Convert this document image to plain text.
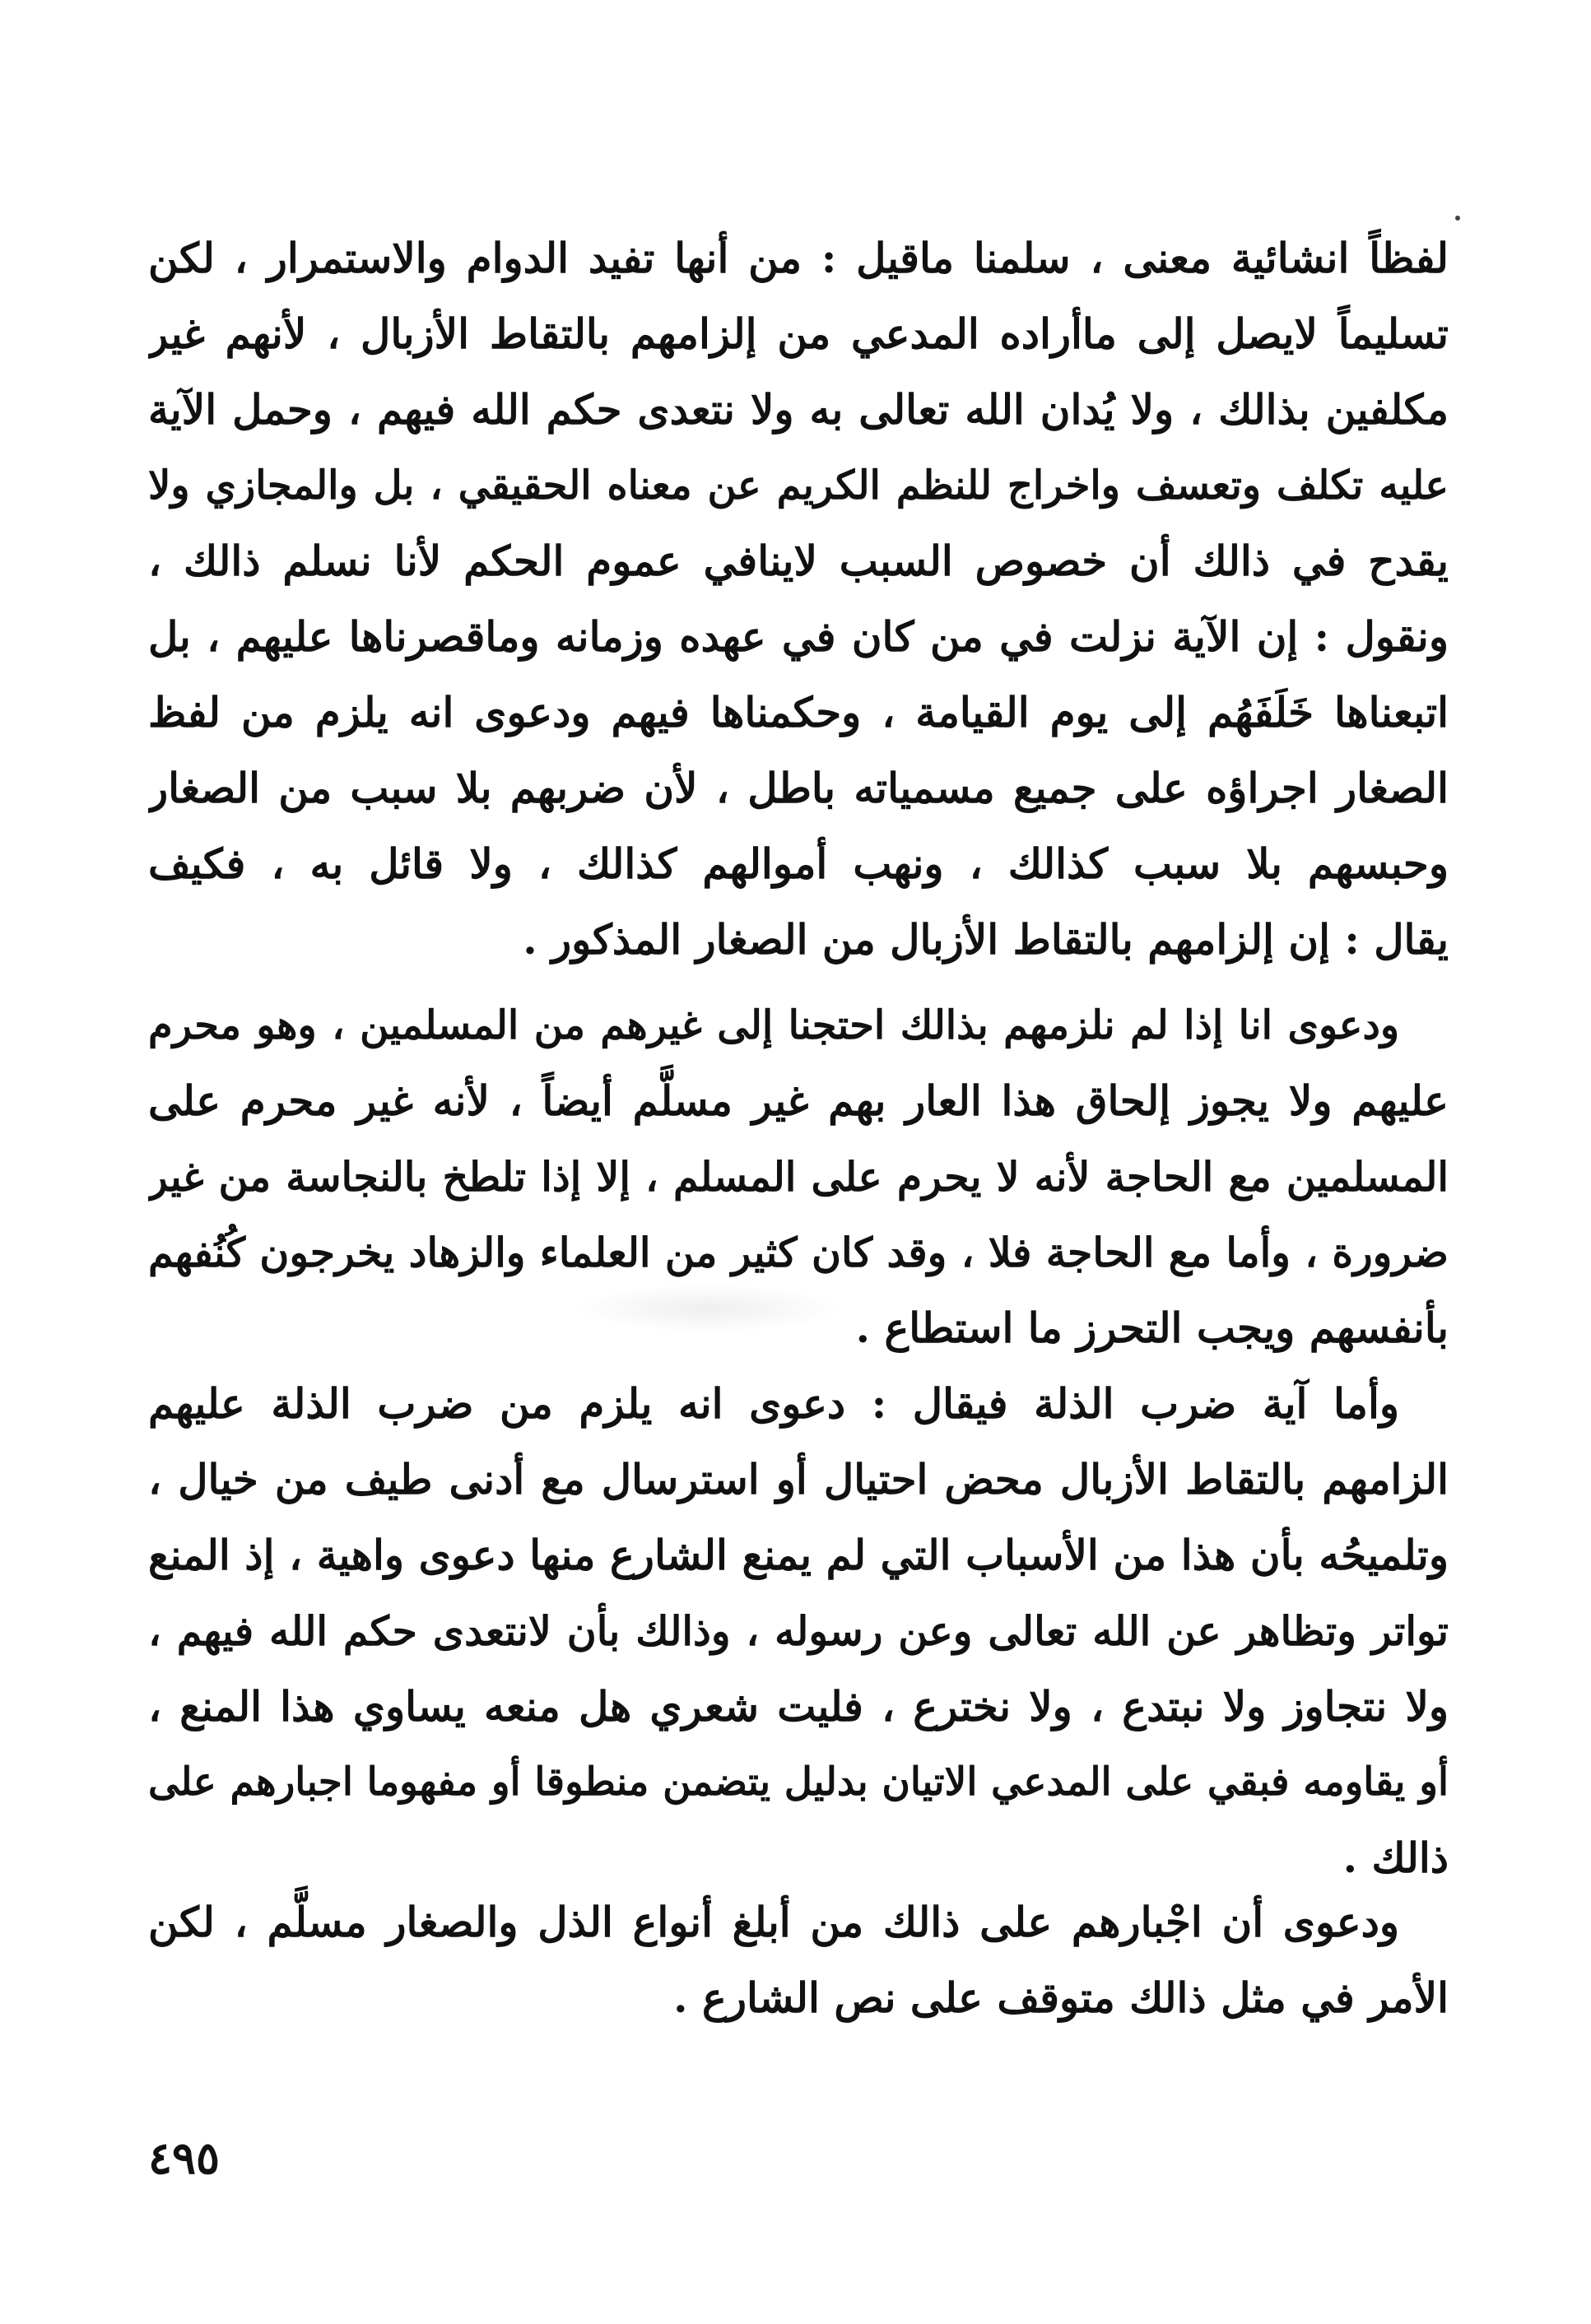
لفظاً انشائية معنى ، سلمنا ماقيل : من أنها تفيد الدوام والاستمرار ، لكن
تسليماً لايصل إلى ماأراده المدعي من إلزامهم بالتقاط الأزبال ، لأنهم غير
مكلفين بذالك ، ولا يُدان الله تعالى به ولا نتعدى حكم الله فيهم ، وحمل الآية
عليه تكلف وتعسف واخراج للنظم الكريم عن معناه الحقيقي ، بل والمجازي ولا
يقدح في ذالك أن خصوص السبب لاينافي عموم الحكم لأنا نسلم ذالك ،
ونقول : إن الآية نزلت في من كان في عهده وزمانه وماقصرناها عليهم ، بل
اتبعناها خَلَفَهُم إلى يوم القيامة ، وحكمناها فيهم ودعوى انه يلزم من لفظ
الصغار اجراؤه على جميع مسمياته باطل ، لأن ضربهم بلا سبب من الصغار
وحبسهم بلا سبب كذالك ، ونهب أموالهم كذالك ، ولا قائل به ، فكيف
يقال : إن إلزامهم بالتقاط الأزبال من الصغار المذكور .
ودعوى انا إذا لم نلزمهم بذالك احتجنا إلى غيرهم من المسلمين ، وهو محرم
عليهم ولا يجوز إلحاق هذا العار بهم غير مسلَّم أيضاً ، لأنه غير محرم على
المسلمين مع الحاجة لأنه لا يحرم على المسلم ، إلا إذا تلطخ بالنجاسة من غير
ضرورة ، وأما مع الحاجة فلا ، وقد كان كثير من العلماء والزهاد يخرجون كُنُفهم
بأنفسهم ويجب التحرز ما استطاع .
وأما آية ضرب الذلة فيقال : دعوى انه يلزم من ضرب الذلة عليهم
الزامهم بالتقاط الأزبال محض احتيال أو استرسال مع أدنى طيف من خيال ،
وتلميحُه بأن هذا من الأسباب التي لم يمنع الشارع منها دعوى واهية ، إذ المنع
تواتر وتظاهر عن الله تعالى وعن رسوله ، وذالك بأن لانتعدى حكم الله فيهم ،
ولا نتجاوز ولا نبتدع ، ولا نخترع ، فليت شعري هل منعه يساوي هذا المنع ،
أو يقاومه فبقي على المدعي الاتيان بدليل يتضمن منطوقا أو مفهوما اجبارهم على
ذالك .
ودعوى أن اجْبارهم على ذالك من أبلغ أنواع الذل والصغار مسلَّم ، لكن
الأمر في مثل ذالك متوقف على نص الشارع .
٤٩٥
